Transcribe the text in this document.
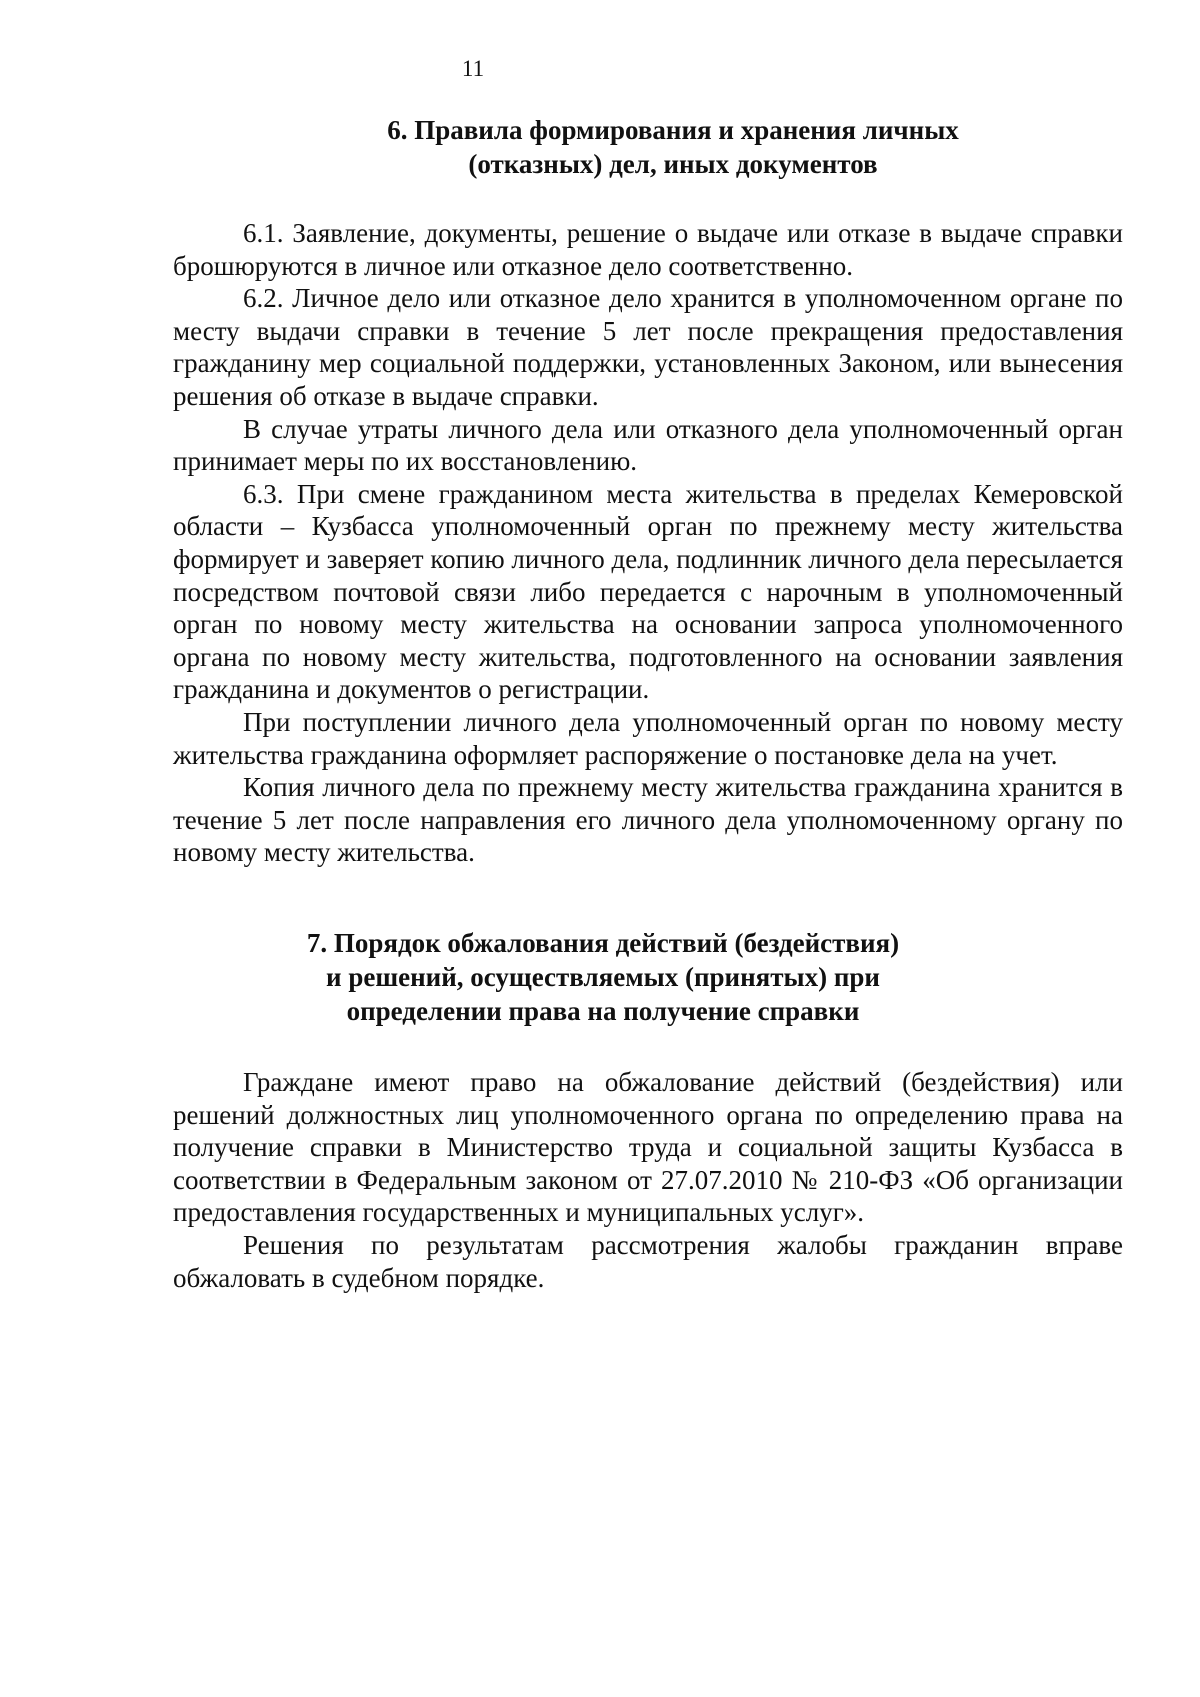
11
6. Правила формирования и хранения личных
(отказных) дел, иных документов

6.1. Заявление, документы, решение о выдаче или отказе в выдаче справки брошюруются в личное или отказное дело соответственно.

6.2. Личное дело или отказное дело хранится в уполномоченном органе по месту выдачи справки в течение 5 лет после прекращения предоставления гражданину мер социальной поддержки, установленных Законом, или вынесения решения об отказе в выдаче справки.

В случае утраты личного дела или отказного дела уполномоченный орган принимает меры по их восстановлению.

6.3. При смене гражданином места жительства в пределах Кемеровской области – Кузбасса уполномоченный орган по прежнему месту жительства формирует и заверяет копию личного дела, подлинник личного дела пересылается посредством почтовой связи либо передается с нарочным в уполномоченный орган по новому месту жительства на основании запроса уполномоченного органа по новому месту жительства, подготовленного на основании заявления гражданина и документов о регистрации.

При поступлении личного дела уполномоченный орган по новому месту жительства гражданина оформляет распоряжение о постановке дела на учет.

Копия личного дела по прежнему месту жительства гражданина хранится в течение 5 лет после направления его личного дела уполномоченному органу по новому месту жительства.

7. Порядок обжалования действий (бездействия)
и решений, осуществляемых (принятых) при
определении права на получение справки

Граждане имеют право на обжалование действий (бездействия) или решений должностных лиц уполномоченного органа по определению права на получение справки в Министерство труда и социальной защиты Кузбасса в соответствии в Федеральным законом от 27.07.2010 № 210-ФЗ «Об организации предоставления государственных и муниципальных услуг».

Решения по результатам рассмотрения жалобы гражданин вправе обжаловать в судебном порядке.
